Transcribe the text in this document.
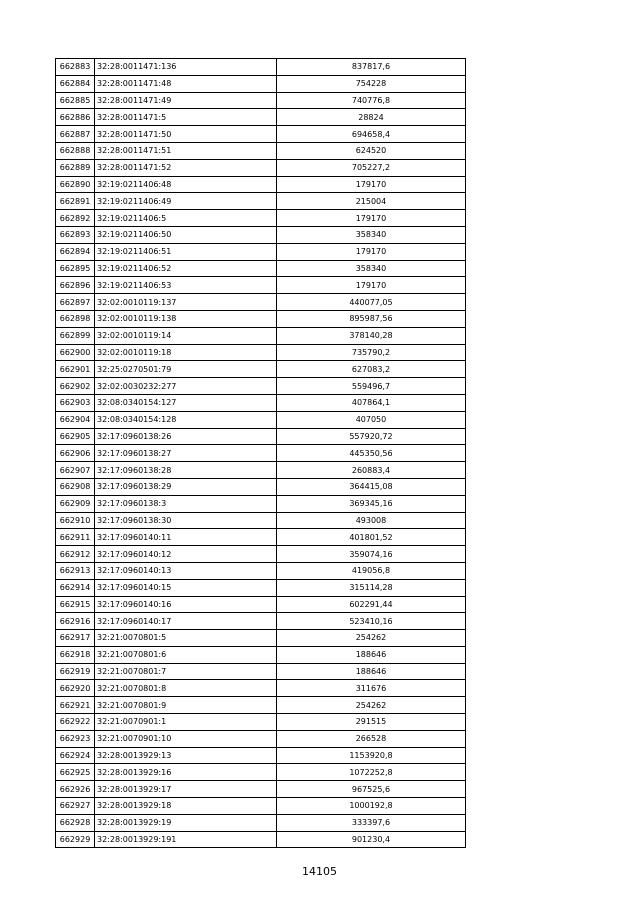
662883	32:28:0011471:136	837817,6
662884	32:28:0011471:48	754228
662885	32:28:0011471:49	740776,8
662886	32:28:0011471:5	28824
662887	32:28:0011471:50	694658,4
662888	32:28:0011471:51	624520
662889	32:28:0011471:52	705227,2
662890	32:19:0211406:48	179170
662891	32:19:0211406:49	215004
662892	32:19:0211406:5	179170
662893	32:19:0211406:50	358340
662894	32:19:0211406:51	179170
662895	32:19:0211406:52	358340
662896	32:19:0211406:53	179170
662897	32:02:0010119:137	440077,05
662898	32:02:0010119:138	895987,56
662899	32:02:0010119:14	378140,28
662900	32:02:0010119:18	735790,2
662901	32:25:0270501:79	627083,2
662902	32:02:0030232:277	559496,7
662903	32:08:0340154:127	407864,1
662904	32:08:0340154:128	407050
662905	32:17:0960138:26	557920,72
662906	32:17:0960138:27	445350,56
662907	32:17:0960138:28	260883,4
662908	32:17:0960138:29	364415,08
662909	32:17:0960138:3	369345,16
662910	32:17:0960138:30	493008
662911	32:17:0960140:11	401801,52
662912	32:17:0960140:12	359074,16
662913	32:17:0960140:13	419056,8
662914	32:17:0960140:15	315114,28
662915	32:17:0960140:16	602291,44
662916	32:17:0960140:17	523410,16
662917	32:21:0070801:5	254262
662918	32:21:0070801:6	188646
662919	32:21:0070801:7	188646
662920	32:21:0070801:8	311676
662921	32:21:0070801:9	254262
662922	32:21:0070901:1	291515
662923	32:21:0070901:10	266528
662924	32:28:0013929:13	1153920,8
662925	32:28:0013929:16	1072252,8
662926	32:28:0013929:17	967525,6
662927	32:28:0013929:18	1000192,8
662928	32:28:0013929:19	333397,6
662929	32:28:0013929:191	901230,4
14105
